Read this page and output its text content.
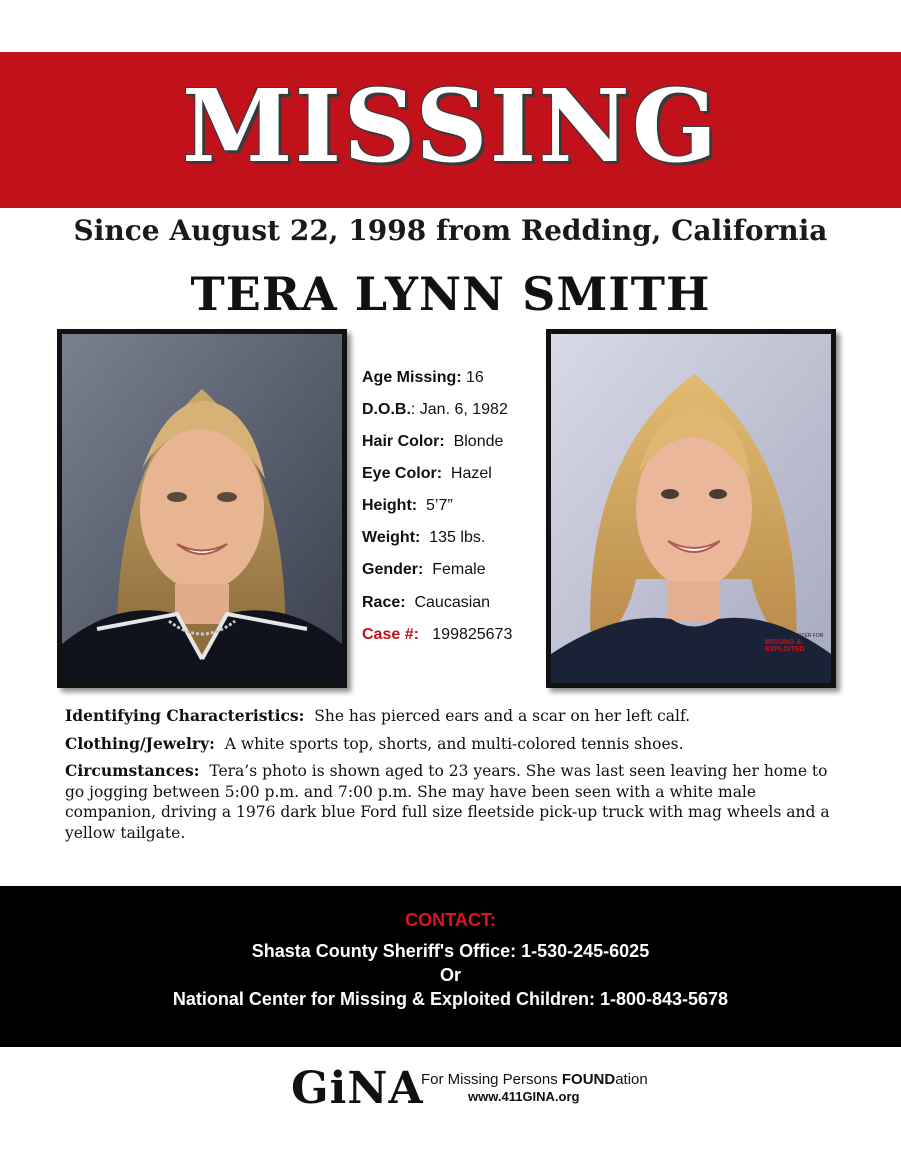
MISSING
Since August 22, 1998 from Redding, California
TERA LYNN SMITH
NATIONAL CENTER FOR
MISSING &
EXPLOITED
CHILDREN
www.missingkids.com
Age Missing: 16
D.O.B.: Jan. 6, 1982
Hair Color: Blonde
Eye Color: Hazel
Height: 5’7”
Weight: 135 lbs.
Gender: Female
Race: Caucasian
Case #: 199825673
Identifying Characteristics: She has pierced ears and a scar on her left calf.
Clothing/Jewelry: A white sports top, shorts, and multi-colored tennis shoes.
Circumstances: Tera’s photo is shown aged to 23 years. She was last seen leaving her home to go jogging between 5:00 p.m. and 7:00 p.m. She may have been seen with a white male companion, driving a 1976 dark blue Ford full size fleetside pick-up truck with mag wheels and a yellow tailgate.
CONTACT:
Shasta County Sheriff's Office: 1-530-245-6025
Or
National Center for Missing & Exploited Children: 1-800-843-5678
GiNA
For Missing Persons FOUNDation
www.411GINA.org
